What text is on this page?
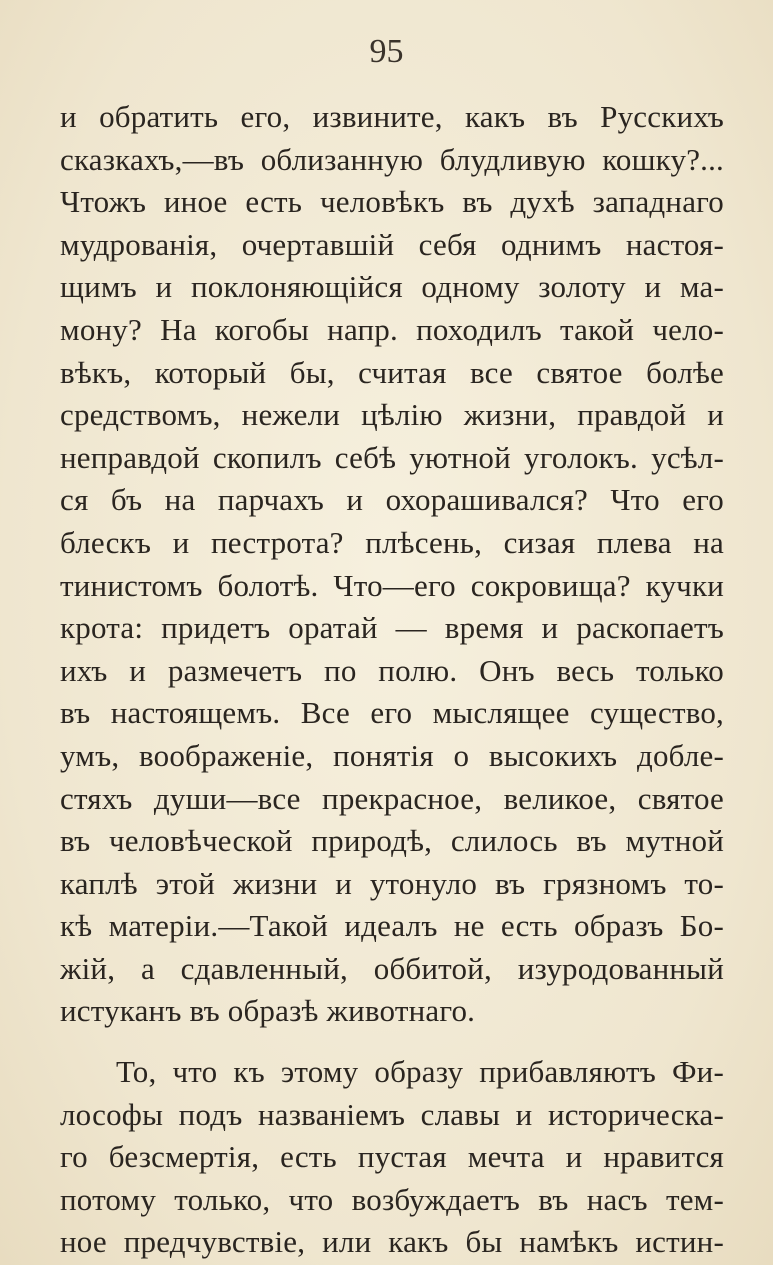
95
и обратить его, извините, какъ въ Русскихъ
сказкахъ,—въ облизанную блудливую кошку?...
Чтожъ иное есть человѣкъ въ духѣ западнаго
мудрованія, очертавшій себя однимъ настоя-
щимъ и поклоняющійся одному золоту и ма-
мону? На когобы напр. походилъ такой чело-
вѣкъ, который бы, считая все святое болѣе
средствомъ, нежели цѣлію жизни, правдой и
неправдой скопилъ себѣ уютной уголокъ. усѣл-
ся бъ на парчахъ и охорашивался? Что его
блескъ и пестрота? плѣсень, сизая плева на
тинистомъ болотѣ. Что—его сокровища? кучки
крота: придетъ оратай — время и раскопаетъ
ихъ и размечетъ по полю. Онъ весь только
въ настоящемъ. Все его мыслящее существо,
умъ, воображеніе, понятія о высокихъ добле-
стяхъ души—все прекрасное, великое, святое
въ человѣческой природѣ, слилось въ мутной
каплѣ этой жизни и утонуло въ грязномъ то-
кѣ матеріи.—Такой идеалъ не есть образъ Бо-
жій, а сдавленный, оббитой, изуродованный
истуканъ въ образѣ животнаго.
То, что къ этому образу прибавляютъ Фи-
лософы подъ названіемъ славы и историческа-
го безсмертія, есть пустая мечта и нравится
потому только, что возбуждаетъ въ насъ тем-
ное предчувствіе, или какъ бы намѣкъ истин-
